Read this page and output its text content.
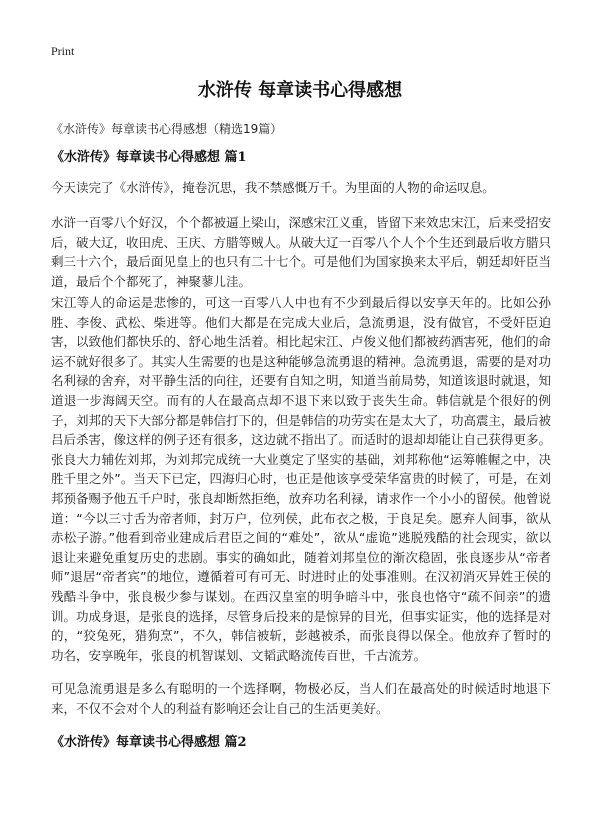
Print
水浒传 每章读书心得感想
《水浒传》每章读书心得感想（精选19篇）
《水浒传》每章读书心得感想 篇1

今天读完了《水浒传》，掩卷沉思，我不禁感慨万千。为里面的人物的命运叹息。

水浒一百零八个好汉，个个都被逼上梁山，深感宋江义重，皆留下来效忠宋江，后来受招安后，破大辽，收田虎、王庆、方腊等贼人。从破大辽一百零八个人个个生还到最后收方腊只剩三十六个，最后面见皇上的也只有二十七个。可是他们为国家换来太平后，朝廷却奸臣当道，最后个个都死了，神聚蓼儿洼。

宋江等人的命运是悲惨的，可这一百零八人中也有不少到最后得以安享天年的。比如公孙胜、李俊、武松、柴进等。他们大都是在完成大业后，急流勇退，没有做官，不受奸臣迫害，以致他们都快乐的、舒心地生活着。相比起宋江、卢俊义他们都被药酒害死，他们的命运不就好很多了。其实人生需要的也是这种能够急流勇退的精神。急流勇退，需要的是对功名利禄的舍弃，对平静生活的向往，还要有自知之明，知道当前局势，知道该退时就退，知道退一步海阔天空。而有的人在最高点却不退下来以致于丧失生命。韩信就是个很好的例子，刘邦的天下大部分都是韩信打下的，但是韩信的功劳实在是太大了，功高震主，最后被吕后杀害，像这样的例子还有很多，这边就不指出了。而适时的退却却能让自己获得更多。张良大力辅佐刘邦，为刘邦完成统一大业奠定了坚实的基础，刘邦称他“运筹帷幄之中，决胜千里之外”。当天下已定，四海归心时，也正是他该享受荣华富贵的时候了，可是，在刘邦预备赐予他五千户时，张良却断然拒绝，放弃功名利禄，请求作一个小小的留侯。他曾说道：“今以三寸舌为帝者师，封万户，位列侯，此布衣之极，于良足矣。愿弃人间事，欲从赤松子游。”他看到帝业建成后君臣之间的“难处”，欲从“虚诡”逃脱残酷的社会现实，欲以退让来避免重复历史的悲剧。事实的确如此，随着刘邦皇位的渐次稳固，张良逐步从“帝者师”退居“帝者宾”的地位，遵循着可有可无、时进时止的处事准则。在汉初消灭异姓王侯的残酷斗争中，张良极少参与谋划。在西汉皇室的明争暗斗中，张良也恪守“疏不间亲”的遗训。功成身退，是张良的选择，尽管身后投来的是惊异的目光，但事实证实，他的选择是对的，“狡兔死，猎狗烹”，不久，韩信被斩，彭越被杀，而张良得以保全。他放弃了暂时的功名，安享晚年，张良的机智谋划、文韬武略流传百世，千古流芳。

可见急流勇退是多么有聪明的一个选择啊，物极必反，当人们在最高处的时候适时地退下来，不仅不会对个人的利益有影响还会让自己的生活更美好。

《水浒传》每章读书心得感想 篇2
